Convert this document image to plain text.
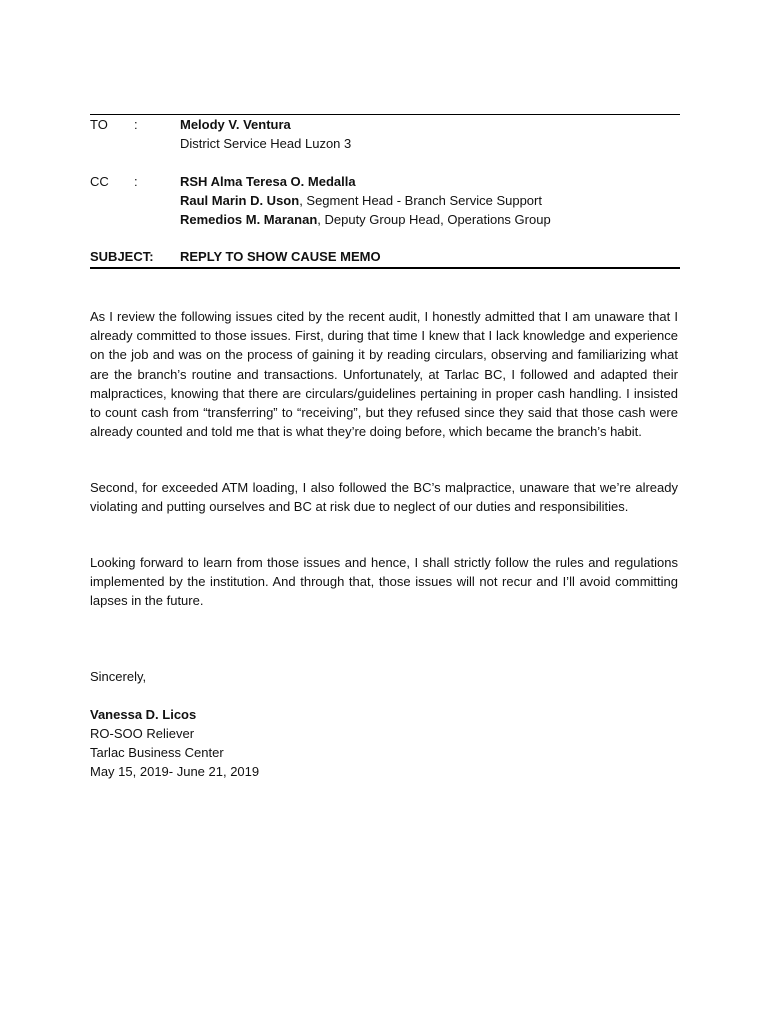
TO	:	Melody V. Ventura
District Service Head Luzon 3
CC	:	RSH Alma Teresa O. Medalla
Raul Marin D. Uson, Segment Head - Branch Service Support
Remedios M. Maranan, Deputy Group Head, Operations Group
SUBJECT: REPLY TO SHOW CAUSE MEMO

As I review the following issues cited by the recent audit, I honestly admitted that I am unaware that I already committed to those issues. First, during that time I knew that I lack knowledge and experience on the job and was on the process of gaining it by reading circulars, observing and familiarizing what are the branch’s routine and transactions. Unfortunately, at Tarlac BC, I followed and adapted their malpractices, knowing that there are circulars/guidelines pertaining in proper cash handling. I insisted to count cash from “transferring” to “receiving”, but they refused since they said that those cash were already counted and told me that is what they’re doing before, which became the branch’s habit.

Second, for exceeded ATM loading, I also followed the BC’s malpractice, unaware that we’re already violating and putting ourselves and BC at risk due to neglect of our duties and responsibilities.

Looking forward to learn from those issues and hence, I shall strictly follow the rules and regulations implemented by the institution. And through that, those issues will not recur and I’ll avoid committing lapses in the future.

Sincerely,
Vanessa D. Licos
RO-SOO Reliever
Tarlac Business Center
May 15, 2019- June 21, 2019
